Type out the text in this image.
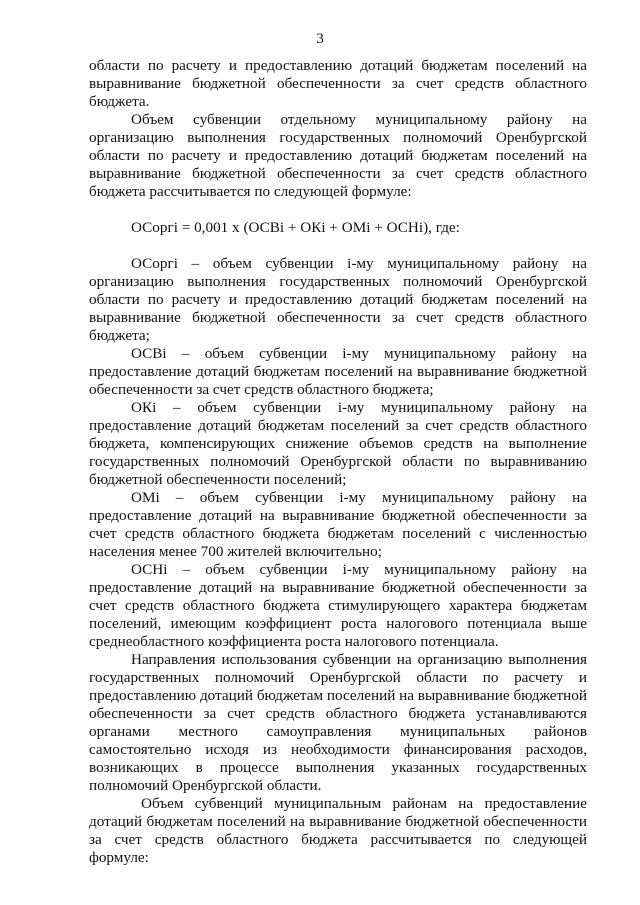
3

области по расчету и предоставлению дотаций бюджетам поселений на выравнивание бюджетной обеспеченности за счет средств областного бюджета.

Объем субвенции отдельному муниципальному району на организацию выполнения государственных полномочий Оренбургской области по расчету и предоставлению дотаций бюджетам поселений на выравнивание бюджетной обеспеченности за счет средств областного бюджета рассчитывается по следующей формуле:

ОСоргi = 0,001 x (ОСВi + ОКi + ОМi + ОСНi), где:

ОСоргi – объем субвенции i-му муниципальному району на организацию выполнения государственных полномочий Оренбургской области по расчету и предоставлению дотаций бюджетам поселений на выравнивание бюджетной обеспеченности за счет средств областного бюджета;

ОСВi – объем субвенции i-му муниципальному району на предоставление дотаций бюджетам поселений на выравнивание бюджетной обеспеченности за счет средств областного бюджета;

ОКi – объем субвенции i-му муниципальному району на предоставление дотаций бюджетам поселений за счет средств областного бюджета, компенсирующих снижение объемов средств на выполнение государственных полномочий Оренбургской области по выравниванию бюджетной обеспеченности поселений;

ОМi – объем субвенции i-му муниципальному району на предоставление дотаций на выравнивание бюджетной обеспеченности за счет средств областного бюджета бюджетам поселений с численностью населения менее 700 жителей включительно;

ОСНi – объем субвенции i-му муниципальному району на предоставление дотаций на выравнивание бюджетной обеспеченности за счет средств областного бюджета стимулирующего характера бюджетам поселений, имеющим коэффициент роста налогового потенциала выше среднеобластного коэффициента роста налогового потенциала.

Направления использования субвенции на организацию выполнения государственных полномочий Оренбургской области по расчету и предоставлению дотаций бюджетам поселений на выравнивание бюджетной обеспеченности за счет средств областного бюджета устанавливаются органами местного самоуправления муниципальных районов самостоятельно исходя из необходимости финансирования расходов, возникающих в процессе выполнения указанных государственных полномочий Оренбургской области.

Объем субвенций муниципальным районам на предоставление дотаций бюджетам поселений на выравнивание бюджетной обеспеченности за счет средств областного бюджета рассчитывается по следующей формуле:
